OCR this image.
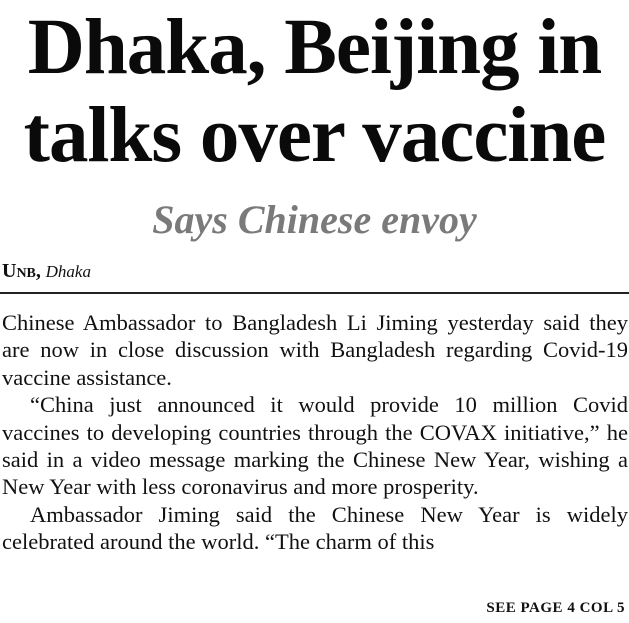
Dhaka, Beijing in
talks over vaccine
Says Chinese envoy
Unb, Dhaka

Chinese Ambassador to Bangladesh Li Jiming yesterday said they are now in close discussion with Bangladesh regarding Covid-19 vaccine assistance.

“China just announced it would provide 10 million Covid vaccines to developing countries through the COVAX initiative,” he said in a video message marking the Chinese New Year, wishing a New Year with less coronavirus and more prosperity.

Ambassador Jiming said the Chinese New Year is widely celebrated around the world. “The charm of this

SEE PAGE 4 COL 5
